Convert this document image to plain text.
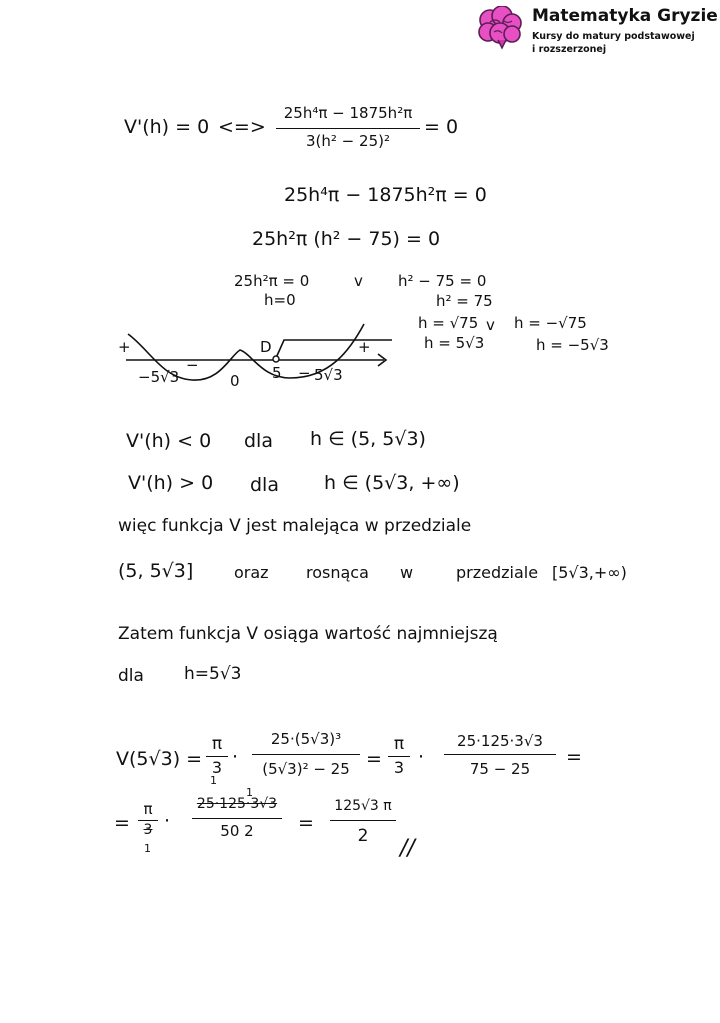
Matematyka Gryzie
Kursy do matury podstawowej
i rozszerzonej
V'(h) = 0 <=>
25h⁴π − 1875h²π
3(h² − 25)²
= 0
25h⁴π − 1875h²π = 0
25h²π (h² − 75) = 0
25h²π = 0
h=0
v h² − 75 = 0
h² = 75
h = √75 v h = −√75
h = 5√3	h = −5√3
+
−	−
+
D
−5√3	0 5 5√3
V'(h) < 0 dla h ∈ (5, 5√3)
V'(h) > 0 dla h ∈ (5√3, +∞)
więc funkcja V jest malejąca w przedziale
(5, 5√3]	oraz rosnąca w	przedziale [5√3,+∞)
Zatem funkcja V osiąga wartość najmniejszą
dla h=5√3
V(5√3) =
π
3
1
·
25·(5√3)³
(5√3)² − 25 =
π
3 ·
25·125·3√3
75 − 25
=
=
π
3
1
·
1
25·125·3√3
50 2	=
125√3 π
2	//
